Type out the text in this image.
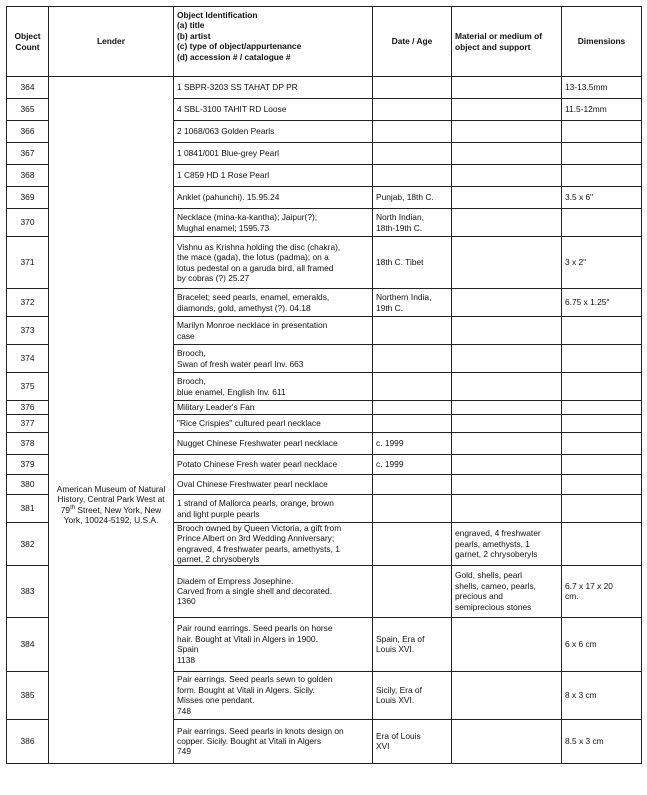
Object Count	Lender	Object Identification
(a) title
(b) artist
(c) type of object/appurtenance
(d) accession # / catalogue #	Date / Age	Material or medium of object and support	Dimensions
364	American Museum of Natural History, Central Park West at 79th Street, New York, New York, 10024-5192, U.S.A.	1 SBPR-3203 SS TAHAT DP PR			13-13.5mm
365		4 SBL-3100 TAHIT RD Loose			11.5-12mm
366		2 1068/063 Golden Pearls			
367		1 0841/001 Blue-grey Pearl			
368		1 C859 HD 1 Rose Pearl			
369		Anklet (pahunchi). 15.95.24	Punjab, 18th C.		3.5 x 6"
370		Necklace (mina-ka-kantha); Jaipur(?);
Mughal enamel; 1595.73	North Indian,
18th-19th C.		
371		Vishnu as Krishna holding the disc (chakra),
the mace (gada), the lotus (padma); on a
lotus pedestal on a garuda bird, all framed
by cobras (?) 25.27	18th C. Tibet		3 x 2"
372		Bracelet; seed pearls, enamel, emeralds,
diamonds, gold, amethyst (?). 04.18	Northern India,
19th C.		6.75 x 1.25"
373		Marilyn Monroe necklace in presentation
case			
374		Brooch,
Swan of fresh water pearl Inv. 663			
375		Brooch,
blue enamel, English Inv. 611			
376		Military Leader's Fan			
377		"Rice Crispies" cultured pearl necklace			
378		Nugget Chinese Freshwater pearl necklace	c. 1999		
379		Potato Chinese Fresh water pearl necklace	c. 1999		
380		Oval Chinese Freshwater pearl necklace			
381		1 strand of Mallorca pearls, orange, brown
and light purple pearls			
382		Brooch owned by Queen Victoria, a gift from
Prince Albert on 3rd Wedding Anniversary;
engraved, 4 freshwater pearls, amethysts, 1
garnet, 2 chrysoberyls		engraved, 4 freshwater
pearls, amethysts, 1
garnet, 2 chrysoberyls	
383		Diadem of Empress Josephine.
Carved from a single shell and decorated.
1360		Gold, shells, pearl
shells, cameo, pearls,
precious and
semiprecious stones	6.7 x 17 x 20
cm.
384		Pair round earrings. Seed pearls on horse
hair. Bought at Vitali in Algers in 1900.
Spain
1138	Spain, Era of
Louis XVI.		6 x 6 cm
385		Pair earrings. Seed pearls sewn to golden
form. Bought at Vitali in Algers. Sicily.
Misses one pendant.
748	Sicily, Era of
Louis XVI.		8 x 3 cm
386		Pair earrings. Seed pearls in knots design on
copper. Sicily. Bought at Vitali in Algers
749	Era of Louis
XVI		8.5 x 3 cm
